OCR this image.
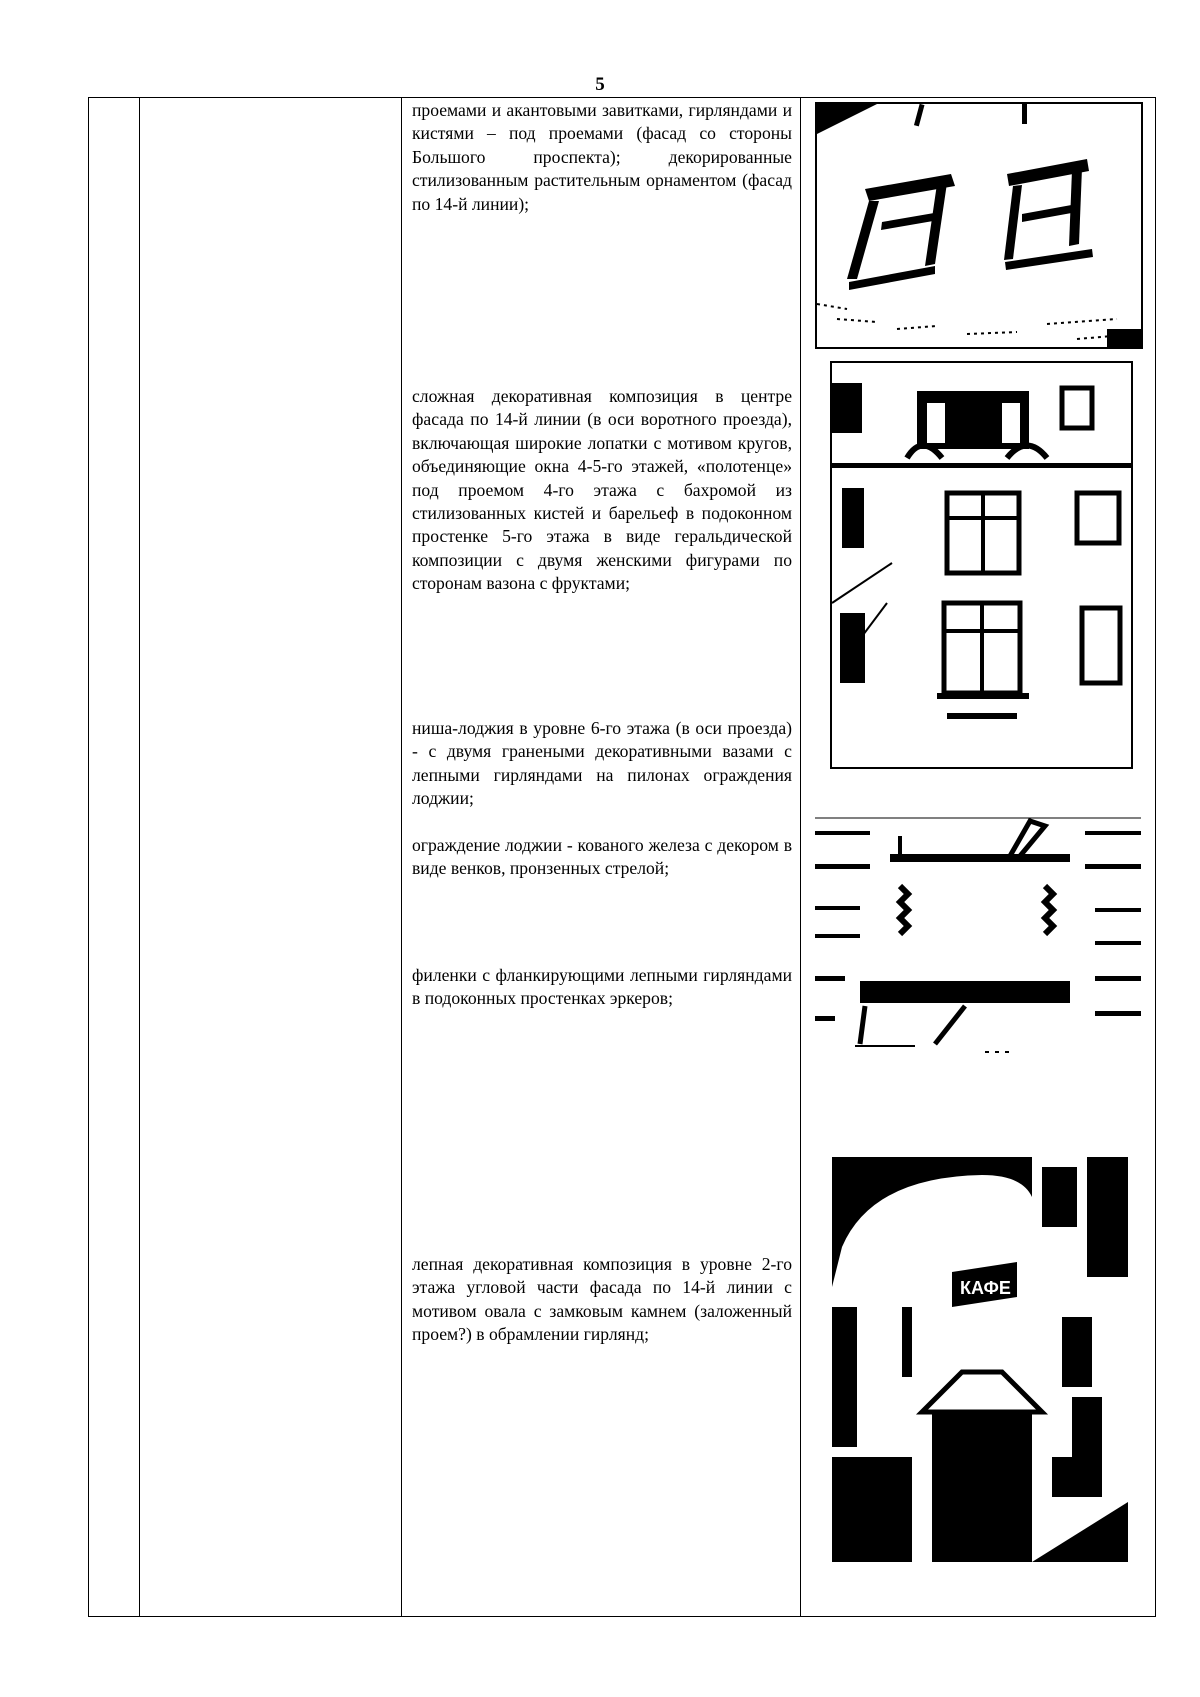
5

проемами и акантовыми завитками, гирляндами и кистями – под проемами (фасад со стороны Большого проспекта); декорированные стилизованным растительным орнаментом (фасад по 14-й линии);

сложная декоративная композиция в центре фасада по 14-й линии (в оси воротного проезда), включающая широкие лопатки с мотивом кругов, объединяющие окна 4-5-го этажей, «полотенце» под проемом 4-го этажа с бахромой из стилизованных кистей и барельеф в подоконном простенке 5-го этажа в виде геральдической композиции с двумя женскими фигурами по сторонам вазона с фруктами;

ниша-лоджия в уровне 6-го этажа (в оси проезда) - с двумя гранеными декоративными вазами с лепными гирляндами на пилонах ограждения лоджии;

ограждение лоджии - кованого железа с декором в виде венков, пронзенных стрелой;

филенки с фланкирующими лепными гирляндами в подоконных простенках эркеров;

лепная декоративная композиция в уровне 2-го этажа угловой части фасада по 14-й линии с мотивом овала с замковым камнем (заложенный проем?) в обрамлении гирлянд;

КАФЕ
